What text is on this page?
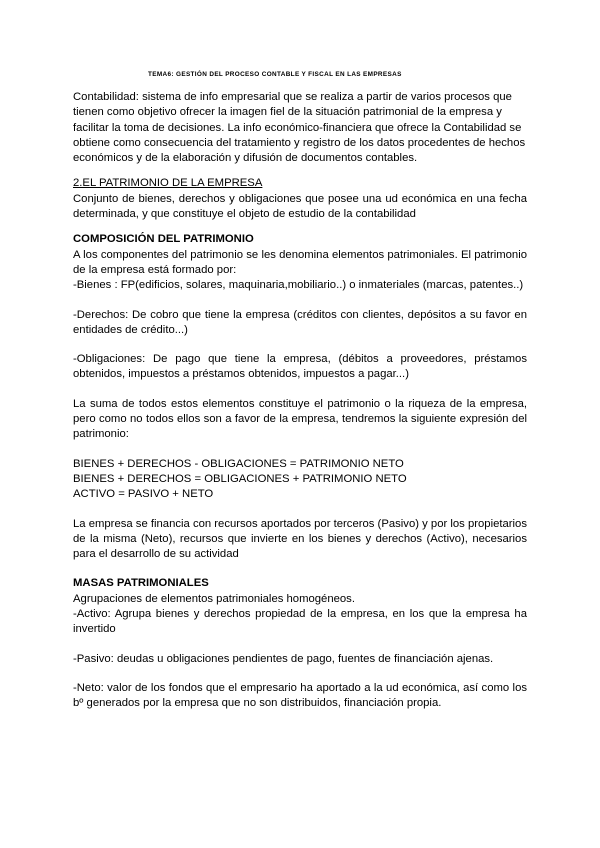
TEMA6: GESTIÓN DEL PROCESO CONTABLE Y FISCAL EN LAS EMPRESAS

Contabilidad: sistema de info empresarial que se realiza a partir de varios procesos que tienen como objetivo ofrecer la imagen fiel de la situación patrimonial de la empresa y facilitar la toma de decisiones. La info económico-financiera que ofrece la Contabilidad se obtiene como consecuencia del tratamiento y registro de los datos procedentes de hechos económicos y de la elaboración y difusión de documentos contables.

2.EL PATRIMONIO DE LA EMPRESA

Conjunto de bienes, derechos y obligaciones que posee una ud económica en una fecha determinada, y que constituye el objeto de estudio de la contabilidad

COMPOSICIÓN DEL PATRIMONIO

A los componentes del patrimonio se les denomina elementos patrimoniales. El patrimonio de la empresa está formado por:

-Bienes : FP(edificios, solares, maquinaria,mobiliario..) o inmateriales (marcas, patentes..)

-Derechos: De cobro que tiene la empresa (créditos con clientes, depósitos a su favor en entidades de crédito...)

-Obligaciones: De pago que tiene la empresa, (débitos a proveedores, préstamos obtenidos, impuestos a préstamos obtenidos, impuestos a pagar...)

La suma de todos estos elementos constituye el patrimonio o la riqueza de la empresa, pero como no todos ellos son a favor de la empresa, tendremos la siguiente expresión del patrimonio:

BIENES + DERECHOS - OBLIGACIONES = PATRIMONIO NETO

BIENES + DERECHOS = OBLIGACIONES + PATRIMONIO NETO

ACTIVO = PASIVO + NETO

La empresa se financia con recursos aportados por terceros (Pasivo) y por los propietarios de la misma (Neto), recursos que invierte en los bienes y derechos (Activo), necesarios para el desarrollo de su actividad

MASAS PATRIMONIALES

Agrupaciones de elementos patrimoniales homogéneos.

-Activo: Agrupa bienes y derechos propiedad de la empresa, en los que la empresa ha invertido

-Pasivo: deudas u obligaciones pendientes de pago, fuentes de financiación ajenas.

-Neto: valor de los fondos que el empresario ha aportado a la ud económica, así como los bº generados por la empresa que no son distribuidos, financiación propia.
